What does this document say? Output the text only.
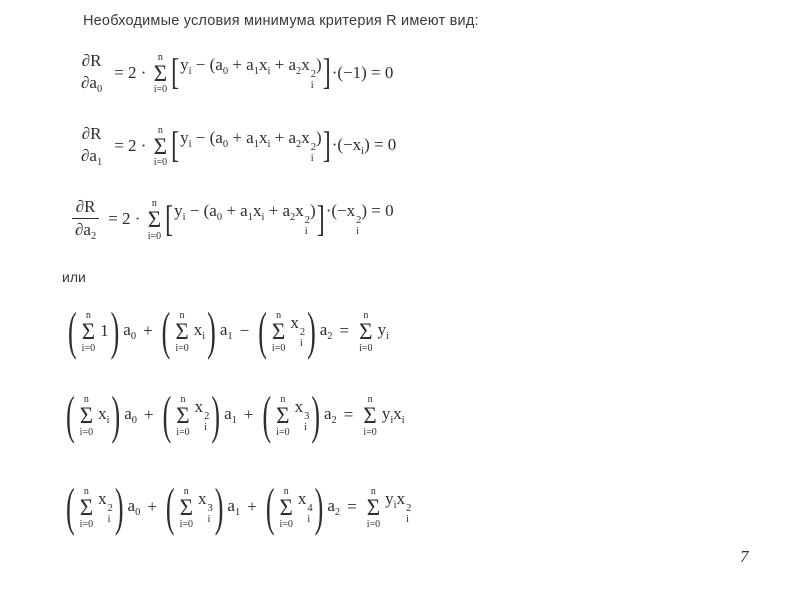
Необходимые условия минимума критерия R имеют вид:
∂R
$\partial a_0$
= 2 ·
n
Σ
i=0 [ $y_i - (a_0 + a_1x_i + a_2x$
2
i
) ] ·(−1) = 0
∂R
$\partial a_1$
= 2 ·
n
Σ
i=0 [ $y_i - (a_0 + a_1x_i + a_2x$
2
i
) ] $\cdot(-x_i) = 0$
$\frac{\partial R}{\partial a_2} = 2$ ·
n
Σ
i=0 [ $y_i - (a_0 + a_1x_i + a_2x$
2
i
) ] ·(−x
2
i
) = 0
или
( n
Σ
i=0
1 ) $a_0$ + ( n
Σ
i=0
$x_i$ ) $a_1$ − ( n
Σ
i=0
x
2
i ) $a_2$ =
n
Σ
i=0
$y_i$
( n
Σ
i=0
$x_i$ ) $a_0$ + ( n
Σ
i=0
x
2
i ) $a_1$ + ( n
Σ
i=0
x
3
i ) $a_2$ =
n
Σ
i=0
$y_ix_i$
( n
Σ
i=0
x
2
i ) $a_0$ + ( n
Σ
i=0
x
3
i ) $a_1$ + ( n
Σ
i=0
x
4
i ) $a_2$ =
n
Σ
i=0
$y_ix$
2
i
7
